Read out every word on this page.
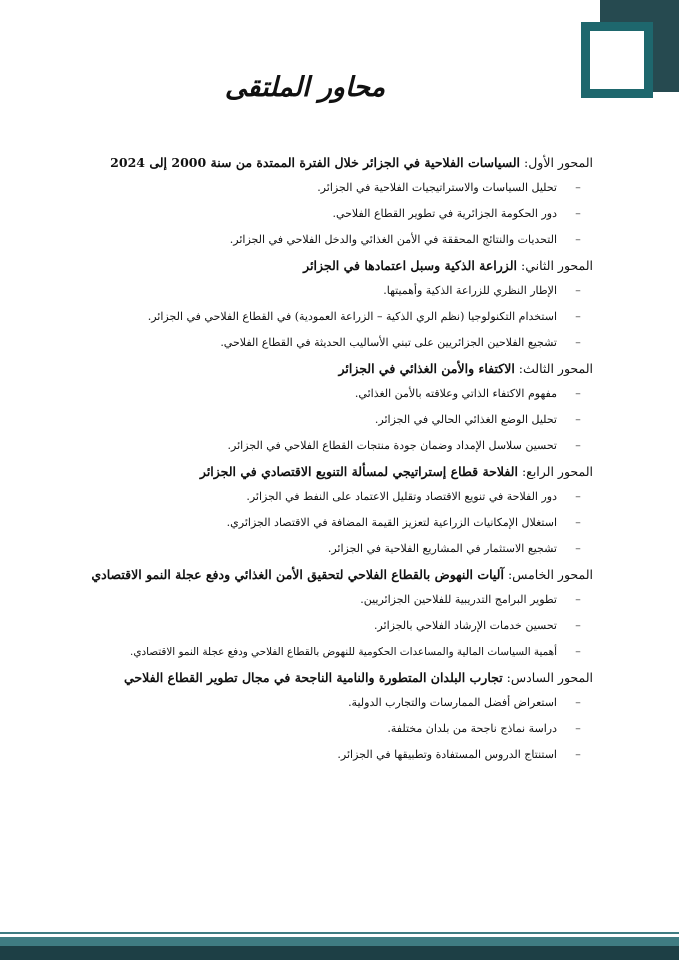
محاور الملتقى
المحور الأول: السياسات الفلاحية في الجزائر خلال الفترة الممتدة من سنة 2000 إلى 2024
–
تحليل السياسات والاستراتيجيات الفلاحية في الجزائر.
–
دور الحكومة الجزائرية في تطوير القطاع الفلاحي.
–
التحديات والنتائج المحققة في الأمن الغذائي والدخل الفلاحي في الجزائر.
المحور الثاني: الزراعة الذكية وسبل اعتمادها في الجزائر
–
الإطار النظري للزراعة الذكية وأهميتها.
–
استخدام التكنولوجيا (نظم الري الذكية – الزراعة العمودية) في القطاع الفلاحي في الجزائر.
–
تشجيع الفلاحين الجزائريين على تبني الأساليب الحديثة في القطاع الفلاحي.
المحور الثالث: الاكتفاء والأمن الغذائي في الجزائر
–
مفهوم الاكتفاء الذاتي وعلاقته بالأمن الغذائي.
–
تحليل الوضع الغذائي الحالي في الجزائر.
–
تحسين سلاسل الإمداد وضمان جودة منتجات القطاع الفلاحي في الجزائر.
المحور الرابع: الفلاحة قطاع إستراتيجي لمسألة التنويع الاقتصادي في الجزائر
–
دور الفلاحة في تنويع الاقتصاد وتقليل الاعتماد على النفط في الجزائر.
–
استغلال الإمكانيات الزراعية لتعزيز القيمة المضافة في الاقتصاد الجزائري.
–
تشجيع الاستثمار في المشاريع الفلاحية في الجزائر.
المحور الخامس: آليات النهوض بالقطاع الفلاحي لتحقيق الأمن الغذائي ودفع عجلة النمو الاقتصادي
–
تطوير البرامج التدريبية للفلاحين الجزائريين.
–
تحسين خدمات الإرشاد الفلاحي بالجزائر.
–
أهمية السياسات المالية والمساعدات الحكومية للنهوض بالقطاع الفلاحي ودفع عجلة النمو الاقتصادي.
المحور السادس: تجارب البلدان المتطورة والنامية الناجحة في مجال تطوير القطاع الفلاحي
–
استعراض أفضل الممارسات والتجارب الدولية.
–
دراسة نماذج ناجحة من بلدان مختلفة.
–
استنتاج الدروس المستفادة وتطبيقها في الجزائر.
